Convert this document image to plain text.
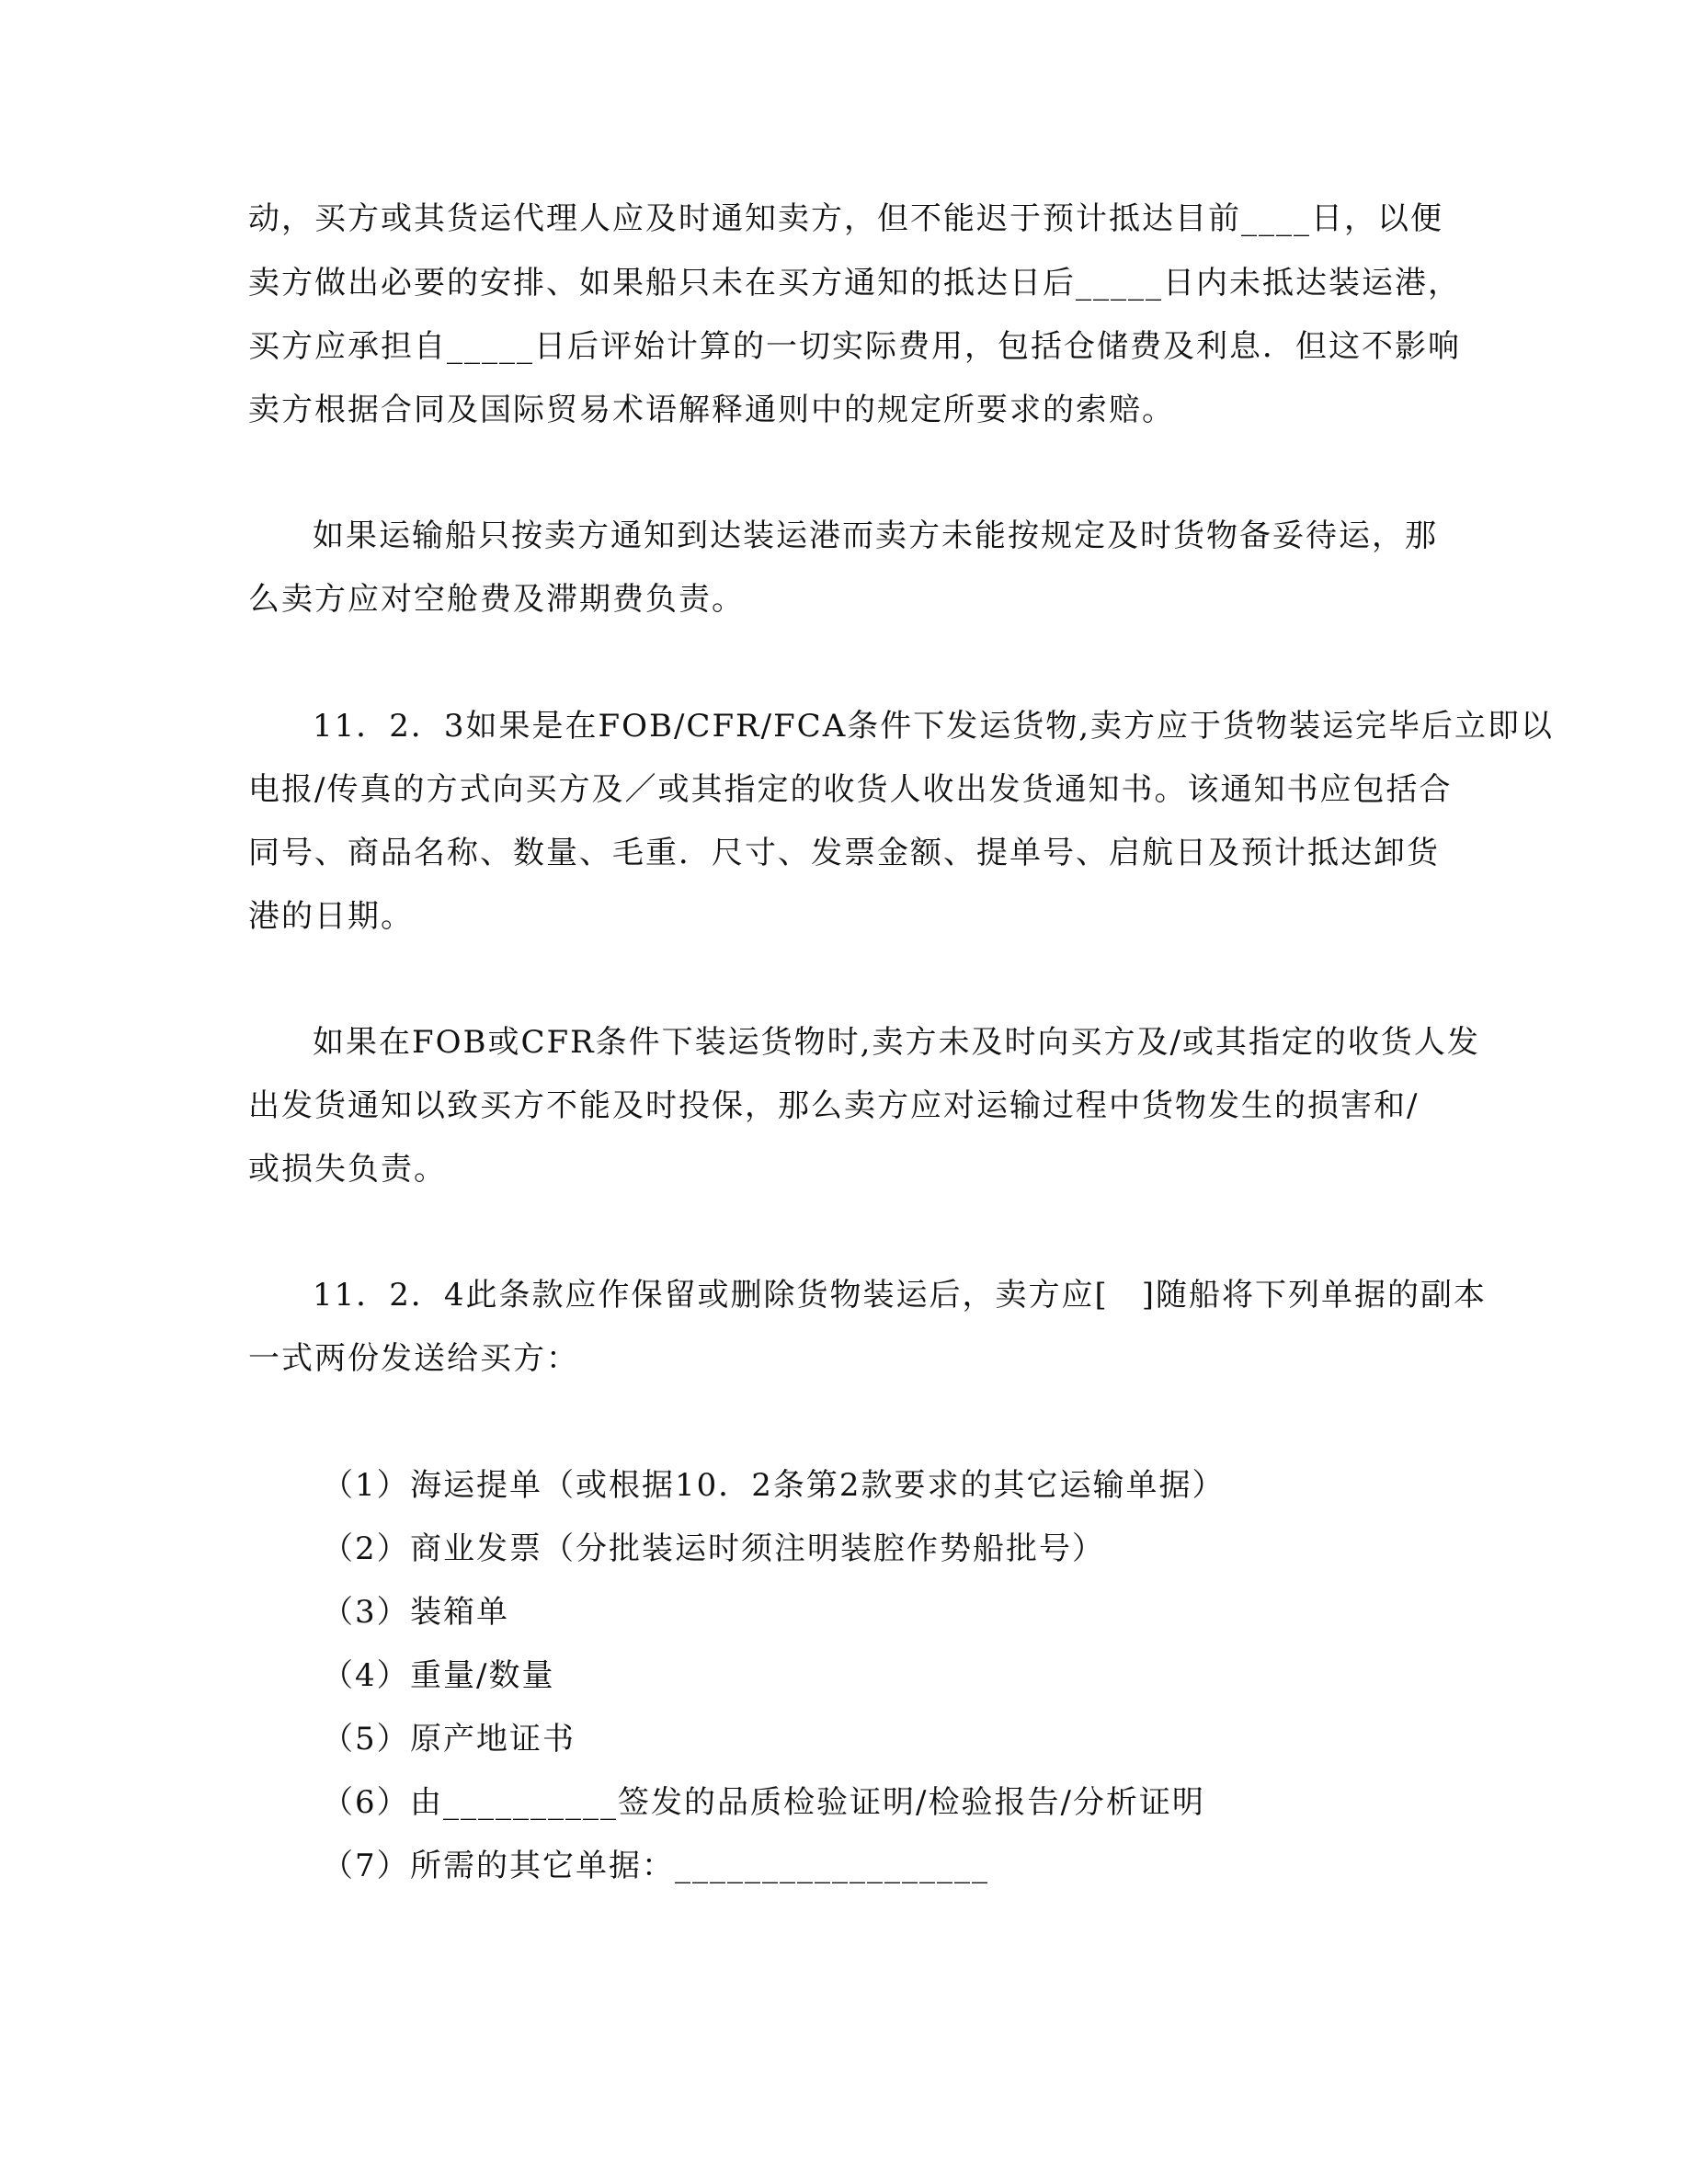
动，买方或其货运代理人应及时通知卖方，但不能迟于预计抵达目前____日，以便
卖方做出必要的安排、如果船只未在买方通知的抵达日后_____日内未抵达装运港，
买方应承担自_____日后评始计算的一切实际费用，包括仓储费及利息．但这不影响
卖方根据合同及国际贸易术语解释通则中的规定所要求的索赔。
如果运输船只按卖方通知到达装运港而卖方未能按规定及时货物备妥待运，那
么卖方应对空舱费及滞期费负责。
11．2．3如果是在FOB/CFR/FCA条件下发运货物,卖方应于货物装运完毕后立即以
电报/传真的方式向买方及／或其指定的收货人收出发货通知书。该通知书应包括合
同号、商品名称、数量、毛重．尺寸、发票金额、提单号、启航日及预计抵达卸货
港的日期。
如果在FOB或CFR条件下装运货物时,卖方未及时向买方及/或其指定的收货人发
出发货通知以致买方不能及时投保，那么卖方应对运输过程中货物发生的损害和/
或损失负责。
11．2．4此条款应作保留或删除货物装运后，卖方应[　]随船将下列单据的副本
一式两份发送给买方：
（1）海运提单（或根据10．2条第2款要求的其它运输单据）
（2）商业发票（分批装运时须注明装腔作势船批号）
（3）装箱单
（4）重量/数量
（5）原产地证书
（6）由__________签发的品质检验证明/检验报告/分析证明
（7）所需的其它单据：__________________
